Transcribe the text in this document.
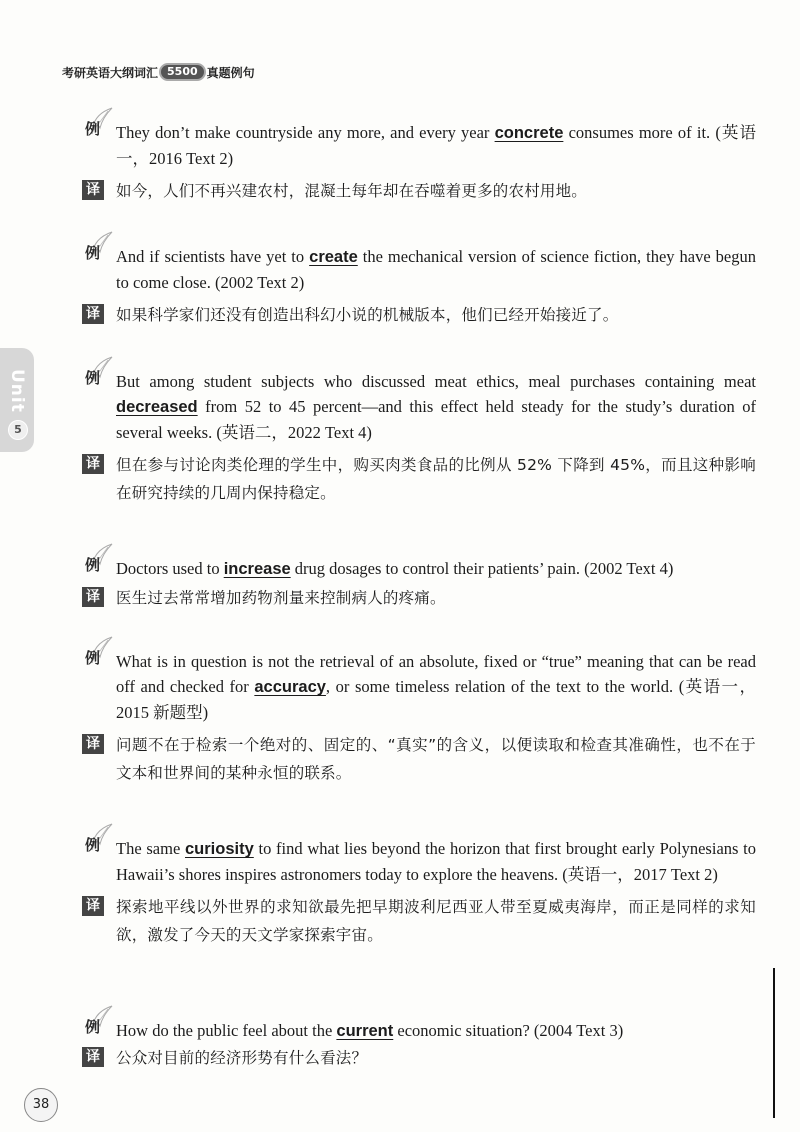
考研英语大纲词汇 5500 真题例句
Unit
5
例 They don’t make countryside any more, and every year concrete consumes more of it. (英语一，2016 Text 2)
译 如今，人们不再兴建农村，混凝土每年却在吞噬着更多的农村用地。
例 And if scientists have yet to create the mechanical version of science fiction, they have begun to come close. (2002 Text 2)
译 如果科学家们还没有创造出科幻小说的机械版本，他们已经开始接近了。
例 But among student subjects who discussed meat ethics, meal purchases containing meat decreased from 52 to 45 percent—and this effect held steady for the study’s duration of several weeks. (英语二，2022 Text 4)
译 但在参与讨论肉类伦理的学生中，购买肉类食品的比例从 52% 下降到 45%，而且这种影响在研究持续的几周内保持稳定。
例 Doctors used to increase drug dosages to control their patients’ pain. (2002 Text 4)
译 医生过去常常增加药物剂量来控制病人的疼痛。
例 What is in question is not the retrieval of an absolute, fixed or “true” meaning that can be read off and checked for accuracy, or some timeless relation of the text to the world. (英语一，2015 新题型)
译 问题不在于检索一个绝对的、固定的、“真实”的含义，以便读取和检查其准确性，也不在于文本和世界间的某种永恒的联系。
例 The same curiosity to find what lies beyond the horizon that first brought early Polynesians to Hawaii’s shores inspires astronomers today to explore the heavens. (英语一，2017 Text 2)
译 探索地平线以外世界的求知欲最先把早期波利尼西亚人带至夏威夷海岸，而正是同样的求知欲，激发了今天的天文学家探索宇宙。
例 How do the public feel about the current economic situation? (2004 Text 3)
译 公众对目前的经济形势有什么看法？
38
